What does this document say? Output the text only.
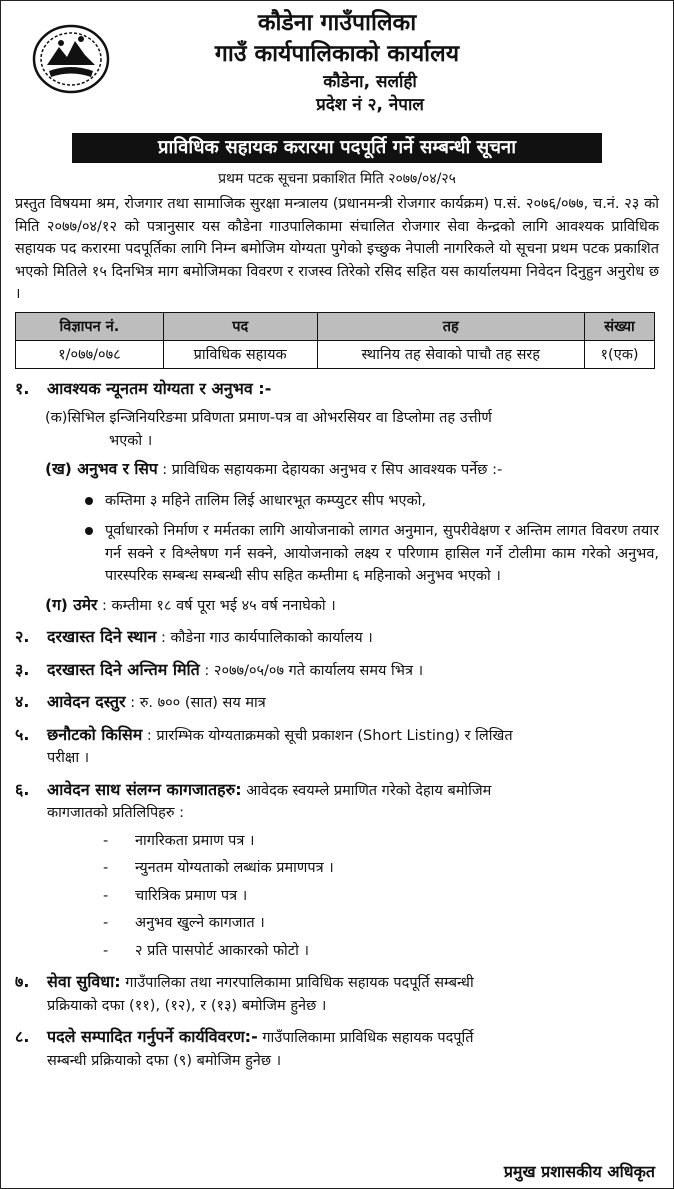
कौडेना गाउँपालिका
गाउँ कार्यपालिकाको कार्यालय
कौडेना, सर्लाही
प्रदेश नं २, नेपाल
प्राविधिक सहायक करारमा पदपूर्ति गर्ने सम्बन्धी सूचना
प्रथम पटक सूचना प्रकाशित मिति २०७७/०४/२५
प्रस्तुत विषयमा श्रम, रोजगार तथा सामाजिक सुरक्षा मन्त्रालय (प्रधानमन्त्री रोजगार कार्यक्रम) प.सं. २०७६/०७७, च.नं. २३ को मिति २०७७/०४/१२ को पत्रानुसार यस कौडेना गाउपालिकामा संचालित रोजगार सेवा केन्द्रको लागि आवश्यक प्राविधिक सहायक पद करारमा पदपूर्तिका लागि निम्न बमोजिम योग्यता पुगेको इच्छुक नेपाली नागरिकले यो सूचना प्रथम पटक प्रकाशित भएको मितिले १५ दिनभित्र माग बमोजिमका विवरण र राजस्व तिरेको रसिद सहित यस कार्यालयमा निवेदन दिनुहुन अनुरोध छ ।
विज्ञापन नं.	पद	तह	संख्या
१/०७७/०७८	प्राविधिक सहायक	स्थानिय तह सेवाको पाचौ तह सरह	१(एक)
१. आवश्यक न्यूनतम योग्यता र अनुभव :-
(क)सिभिल इन्जिनियरिङमा प्रविणता प्रमाण-पत्र वा ओभरसियर वा डिप्लोमा तह उत्तीर्ण
भएको ।
(ख) अनुभव र सिप : प्राविधिक सहायकमा देहायका अनुभव र सिप आवश्यक पर्नेछ :-
कम्तिमा ३ महिने तालिम लिई आधारभूत कम्प्युटर सीप भएको,
पूर्वाधारको निर्माण र मर्मतका लागि आयोजनाको लागत अनुमान, सुपरीवेक्षण र अन्तिम लागत विवरण तयार गर्न सक्ने र विश्लेषण गर्न सक्ने, आयोजनाको लक्ष्य र परिणाम हासिल गर्ने टोलीमा काम गरेको अनुभव, पारस्परिक सम्बन्ध सम्बन्धी सीप सहित कम्तीमा ६ महिनाको अनुभव भएको ।
(ग) उमेर : कम्तीमा १८ वर्ष पूरा भई ४५ वर्ष ननाघेको ।
२. दरखास्त दिने स्थान : कौडेना गाउ कार्यपालिकाको कार्यालय ।
३. दरखास्त दिने अन्तिम मिति : २०७७/०५/०७ गते कार्यालय समय भित्र ।
४. आवेदन दस्तुर : रु. ७०० (सात) सय मात्र
५. छनौटको किसिम : प्रारम्भिक योग्यताक्रमको सूची प्रकाशन (Short Listing) र लिखित
परीक्षा ।
६. आवेदन साथ संलग्न कागजातहरु: आवेदक स्वयम्ले प्रमाणित गरेको देहाय बमोजिम
कागजातको प्रतिलिपिहरु :
- नागरिकता प्रमाण पत्र ।
- न्युनतम योग्यताको लब्धांक प्रमाणपत्र ।
- चारित्रिक प्रमाण पत्र ।
- अनुभव खुल्ने कागजात ।
- २ प्रति पासपोर्ट आकारको फोटो ।
७. सेवा सुविधा: गाउँपालिका तथा नगरपालिकामा प्राविधिक सहायक पदपूर्ति सम्बन्धी
प्रक्रियाको दफा (११), (१२), र (१३) बमोजिम हुनेछ ।
८. पदले सम्पादित गर्नुपर्ने कार्यविवरण:- गाउँपालिकामा प्राविधिक सहायक पदपूर्ति
सम्बन्धी प्रक्रियाको दफा (९) बमोजिम हुनेछ ।
प्रमुख प्रशासकीय अधिकृत
